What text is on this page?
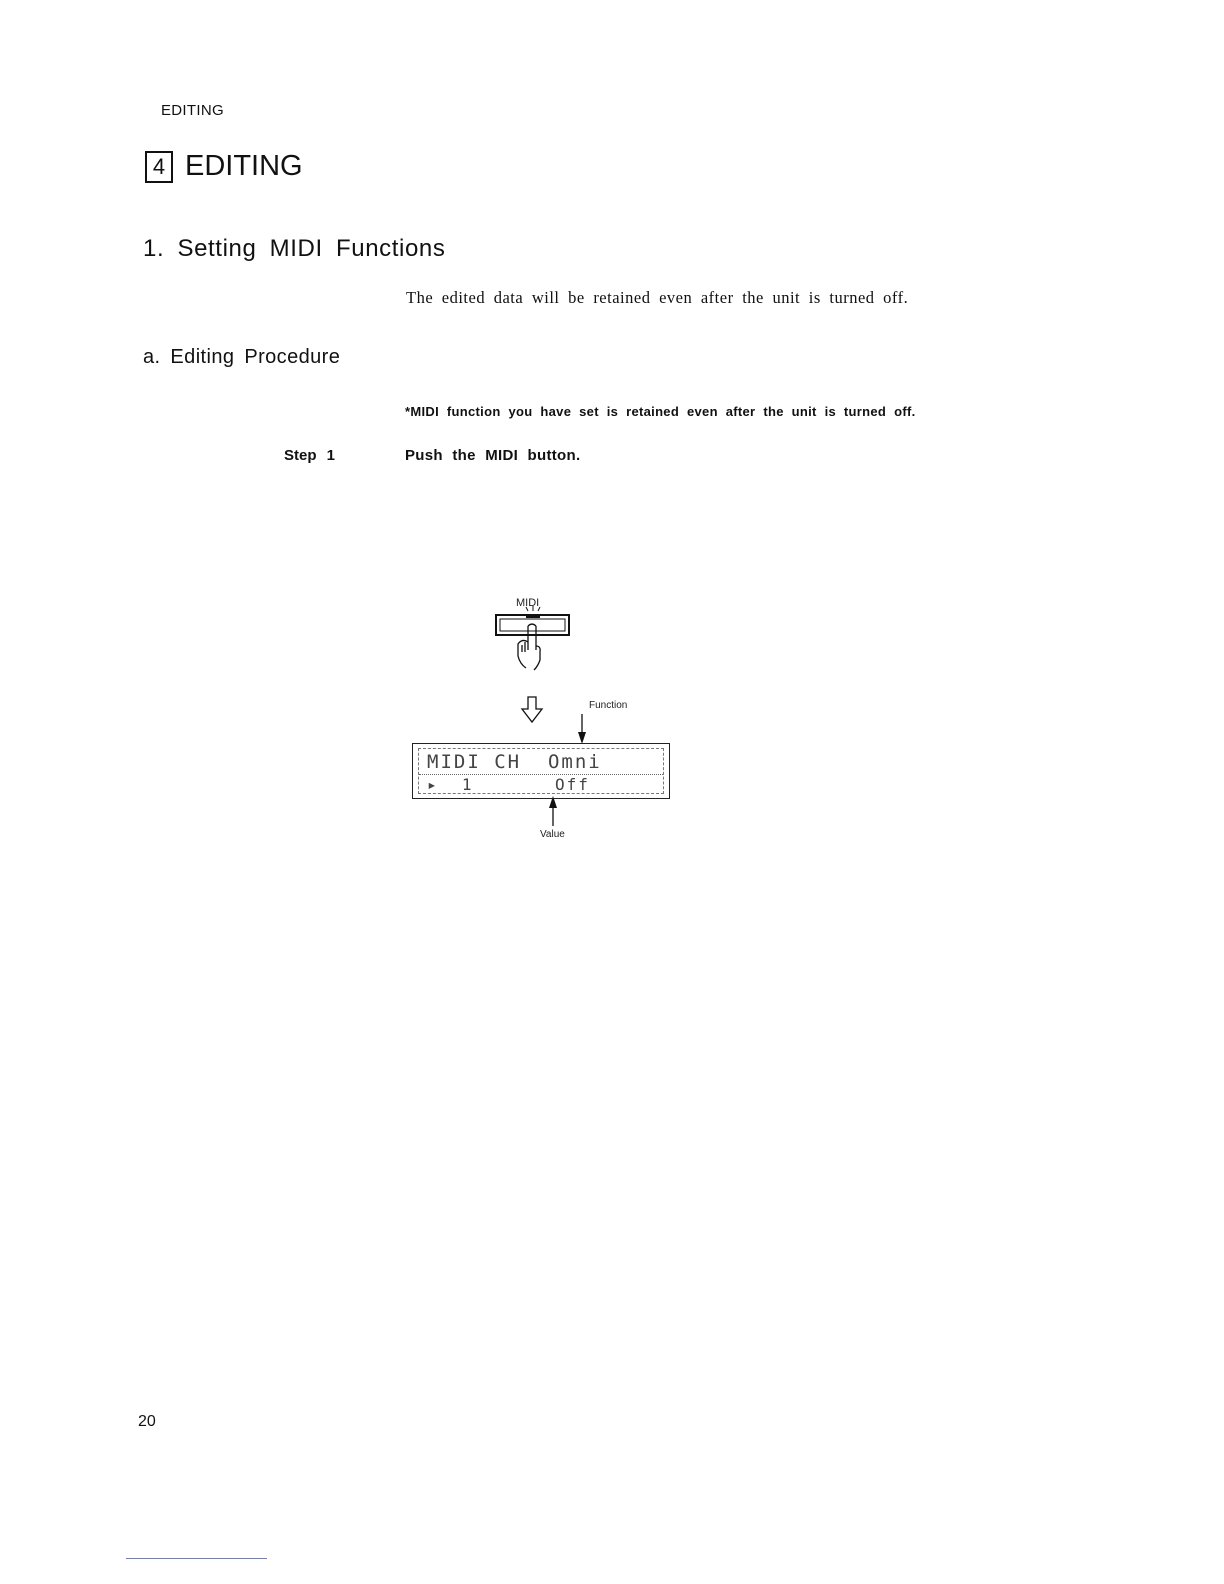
EDITING
4 EDITING
1. Setting MIDI Functions
The edited data will be retained even after the unit is turned off.
a. Editing Procedure
*MIDI function you have set is retained even after the unit is turned off.
Step 1	Push the MIDI button.
MIDI
Function
MIDI CH  Omni
▸  1       Off
Value
20
